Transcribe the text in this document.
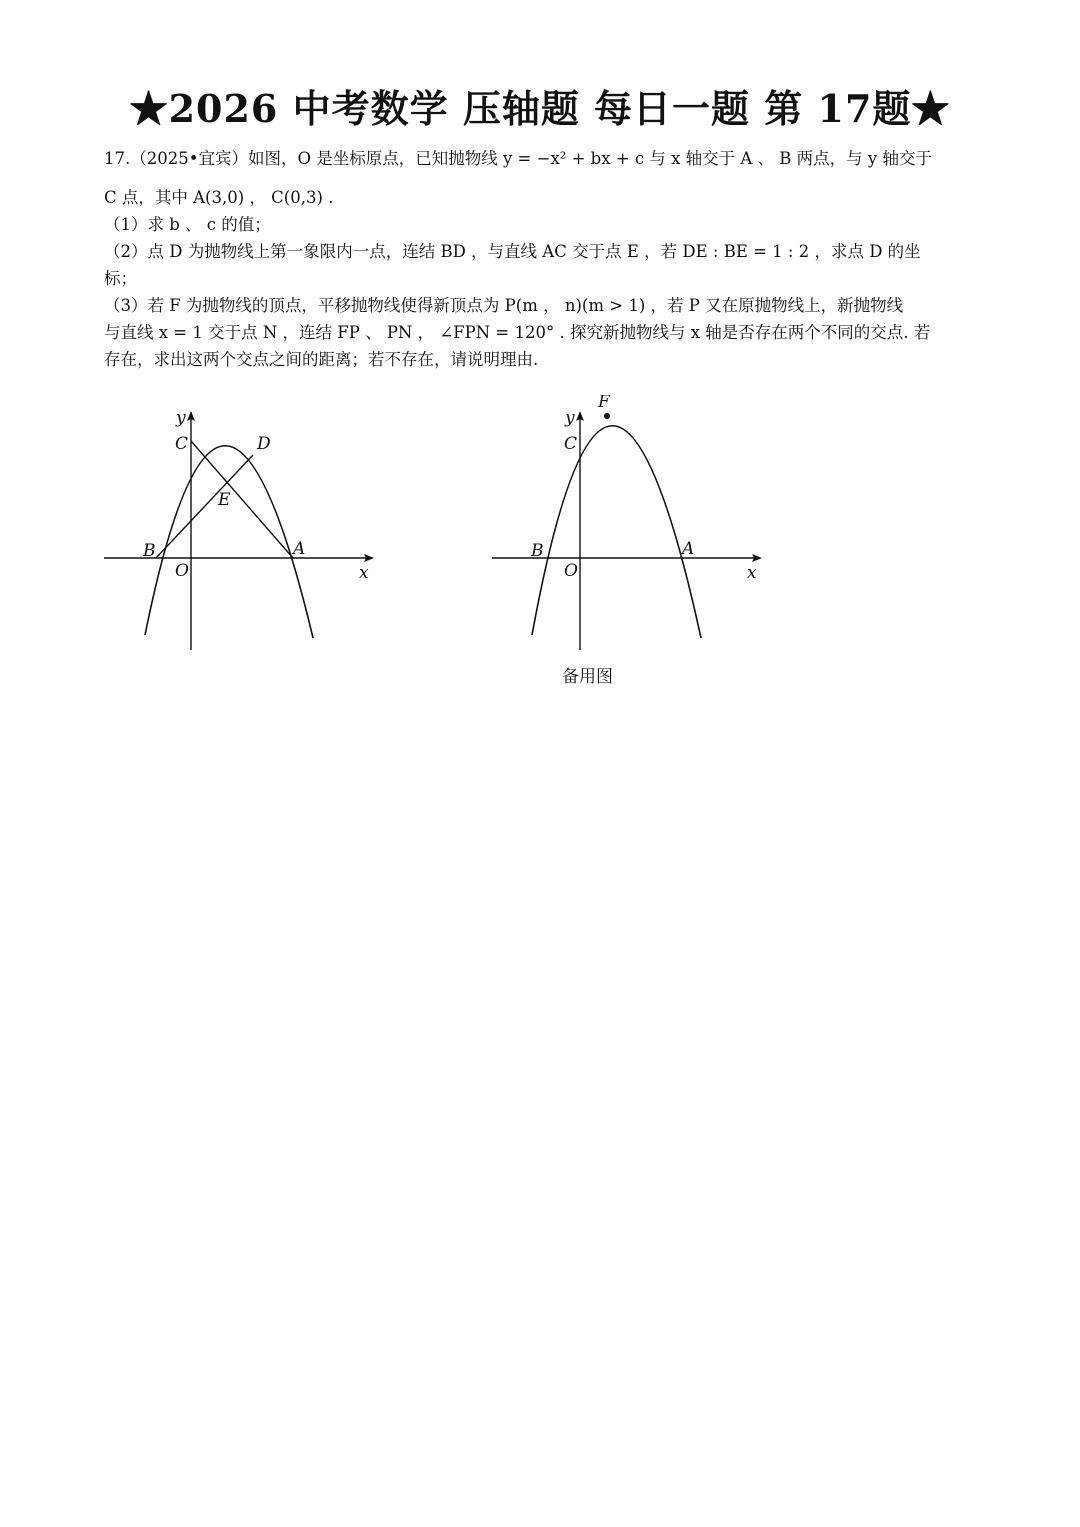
★2026 中考数学 压轴题 每日一题 第 17题★

17.（2025•宜宾）如图，O 是坐标原点，已知抛物线 y = −x² + bx + c 与 x 轴交于 A 、 B 两点，与 y 轴交于

C 点，其中 A(3,0) ， C(0,3) .

（1）求 b 、 c 的值；

（2）点 D 为抛物线上第一象限内一点，连结 BD ，与直线 AC 交于点 E ，若 DE : BE = 1 : 2 ，求点 D 的坐

标；

（3）若 F 为抛物线的顶点，平移抛物线使得新顶点为 P(m ， n)(m > 1) ，若 P 又在原抛物线上，新抛物线

与直线 x = 1 交于点 N ，连结 FP 、 PN ， ∠FPN = 120° . 探究新抛物线与 x 轴是否存在两个不同的交点. 若

存在，求出这两个交点之间的距离；若不存在，请说明理由.

y
x
O
A
B
C	D
E
y
x
O
A
B
C
F
备用图
